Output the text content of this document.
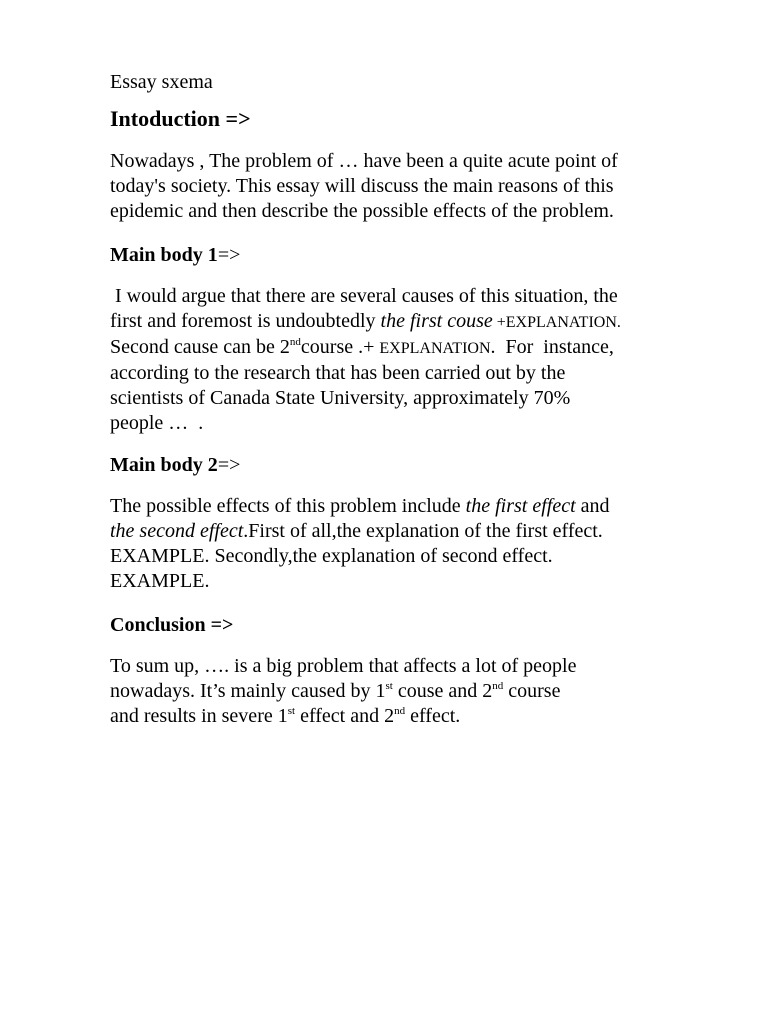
Essay sxema
Intoduction =>
Nowadays , The problem of … have been a quite acute point of
today's society. This essay will discuss the main reasons of this
epidemic and then describe the possible effects of the problem.
Main body 1=>
I would argue that there are several causes of this situation, the
first and foremost is undoubtedly the first couse +EXPLANATION.
Second cause can be 2ndcourse .+ EXPLANATION.  For  instance,
according to the research that has been carried out by the
scientists of Canada State University, approximately 70%
people …  .
Main body 2=>
The possible effects of this problem include the first effect and
the second effect.First of all,the explanation of the first effect.
EXAMPLE. Secondly,the explanation of second effect.
EXAMPLE.
Conclusion =>
To sum up, …. is a big problem that affects a lot of people
nowadays. It’s mainly caused by 1st couse and 2nd course
and results in severe 1st effect and 2nd effect.
